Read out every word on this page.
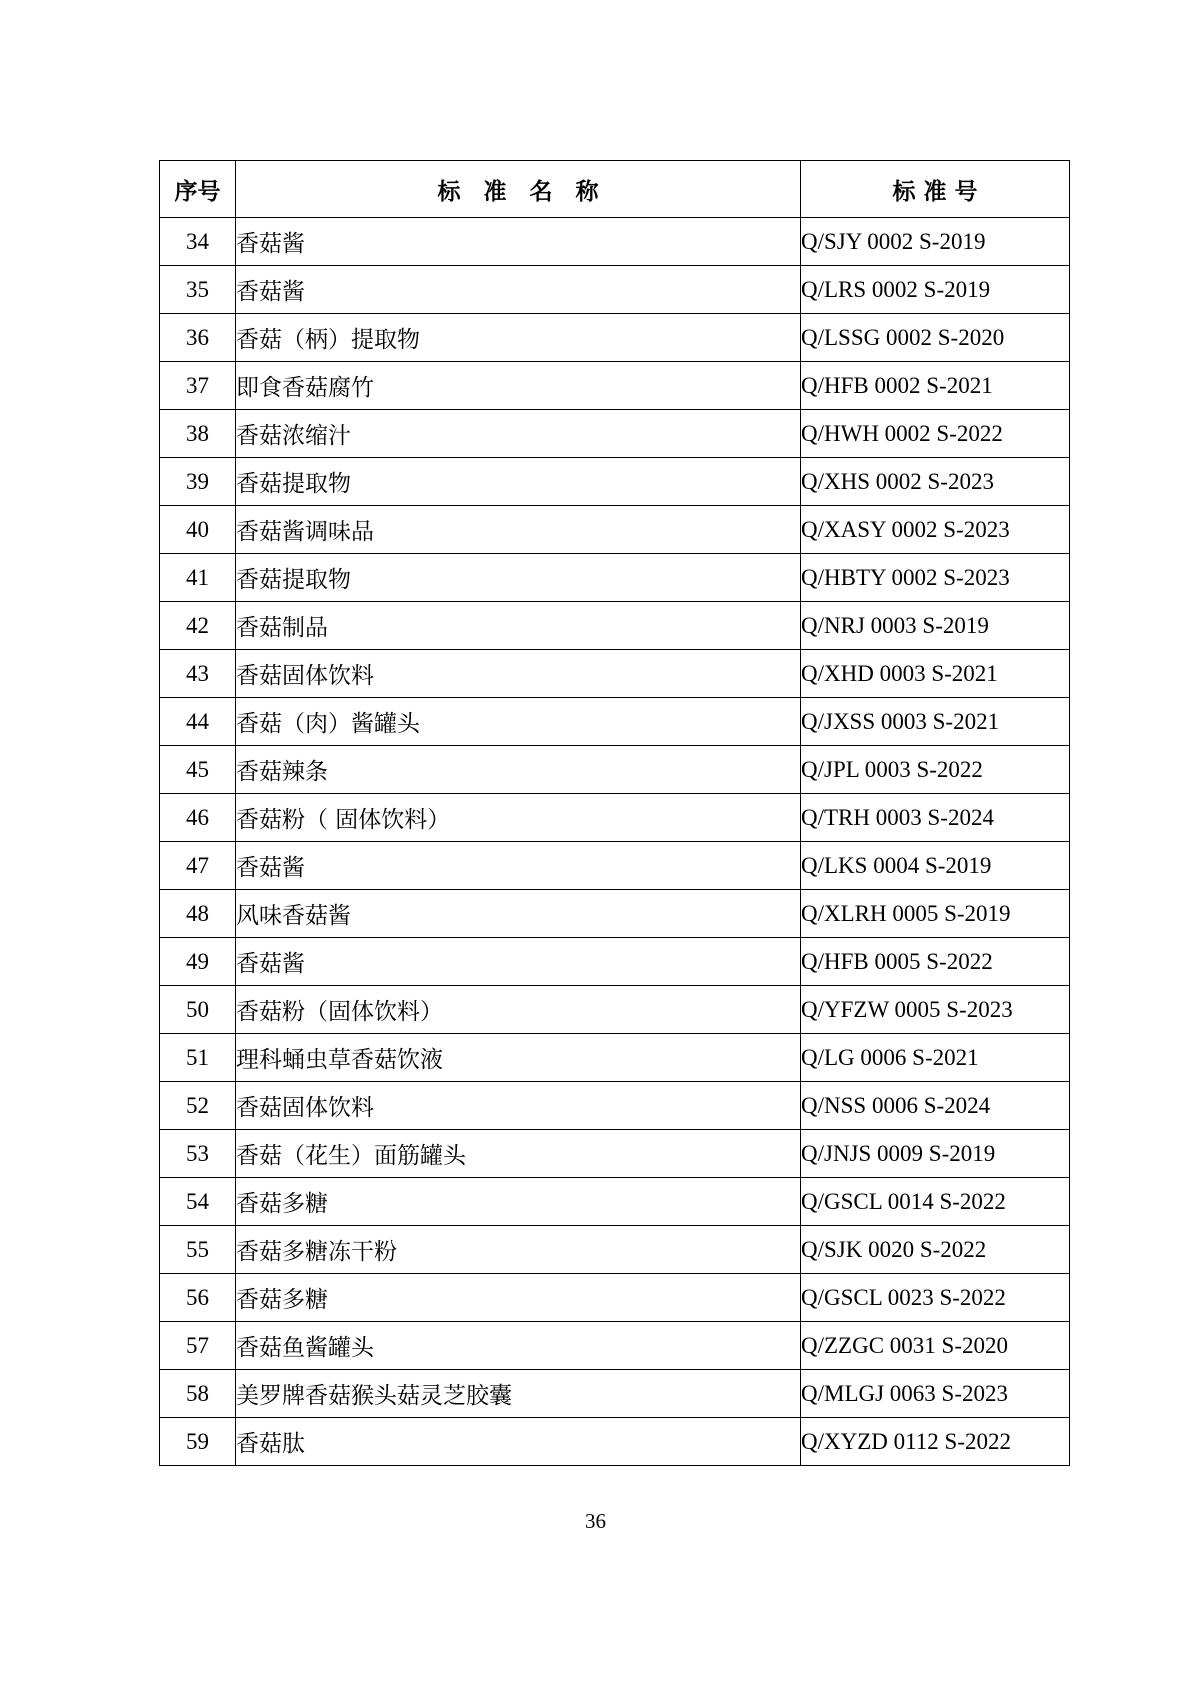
序号	标　准　名　称	标 准 号
34	香菇酱	Q/SJY 0002 S-2019
35	香菇酱	Q/LRS 0002 S-2019
36	香菇（柄）提取物	Q/LSSG 0002 S-2020
37	即食香菇腐竹	Q/HFB 0002 S-2021
38	香菇浓缩汁	Q/HWH 0002 S-2022
39	香菇提取物	Q/XHS 0002 S-2023
40	香菇酱调味品	Q/XASY 0002 S-2023
41	香菇提取物	Q/HBTY 0002 S-2023
42	香菇制品	Q/NRJ 0003 S-2019
43	香菇固体饮料	Q/XHD 0003 S-2021
44	香菇（肉）酱罐头	Q/JXSS 0003 S-2021
45	香菇辣条	Q/JPL 0003 S-2022
46	香菇粉（ 固体饮料）	Q/TRH 0003 S-2024
47	香菇酱	Q/LKS 0004 S-2019
48	风味香菇酱	Q/XLRH 0005 S-2019
49	香菇酱	Q/HFB 0005 S-2022
50	香菇粉（固体饮料）	Q/YFZW 0005 S-2023
51	理科蛹虫草香菇饮液	Q/LG 0006 S-2021
52	香菇固体饮料	Q/NSS 0006 S-2024
53	香菇（花生）面筋罐头	Q/JNJS 0009 S-2019
54	香菇多糖	Q/GSCL 0014 S-2022
55	香菇多糖冻干粉	Q/SJK 0020 S-2022
56	香菇多糖	Q/GSCL 0023 S-2022
57	香菇鱼酱罐头	Q/ZZGC 0031 S-2020
58	美罗牌香菇猴头菇灵芝胶囊	Q/MLGJ 0063 S-2023
59	香菇肽	Q/XYZD 0112 S-2022
36
